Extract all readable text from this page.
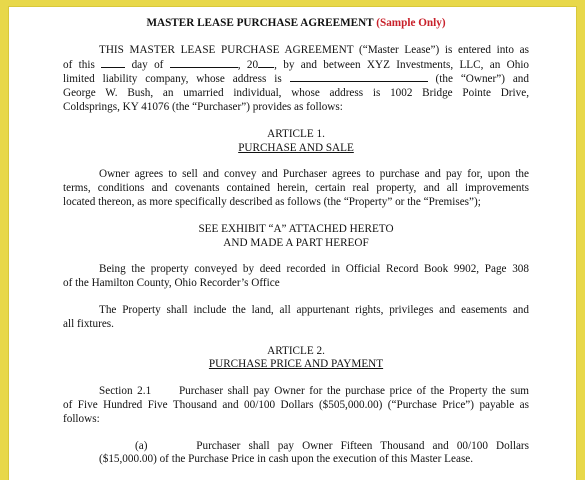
MASTER LEASE PURCHASE AGREEMENT (Sample Only)
THIS MASTER LEASE PURCHASE AGREEMENT (“Master Lease”) is entered into as
of this	day of	, 20 , by and between XYZ Investments, LLC, an Ohio
limited liability company, whose address is	(the “Owner”) and
George W. Bush, an umarried individual, whose address is 1002 Bridge Pointe Drive,
Coldsprings, KY 41076 (the “Purchaser”) provides as follows:
ARTICLE 1.
PURCHASE AND SALE
Owner agrees to sell and convey and Purchaser agrees to purchase and pay for, upon the
terms, conditions and covenants contained herein, certain real property, and all improvements
located thereon, as more specifically described as follows (the “Property” or the “Premises”);
SEE EXHIBIT “A” ATTACHED HERETO
AND MADE A PART HEREOF
Being the property conveyed by deed recorded in Official Record Book 9902, Page 308
of the Hamilton County, Ohio Recorder’s Office
The Property shall include the land, all appurtenant rights, privileges and easements and
all fixtures.
ARTICLE 2.
PURCHASE PRICE AND PAYMENT
Section 2.1      Purchaser shall pay Owner for the purchase price of the Property the sum
of Five Hundred Five Thousand and 00/100 Dollars ($505,000.00) (“Purchase Price”) payable as
follows:
(a)      Purchaser shall pay Owner Fifteen Thousand and 00/100 Dollars
($15,000.00) of the Purchase Price in cash upon the execution of this Master Lease.
